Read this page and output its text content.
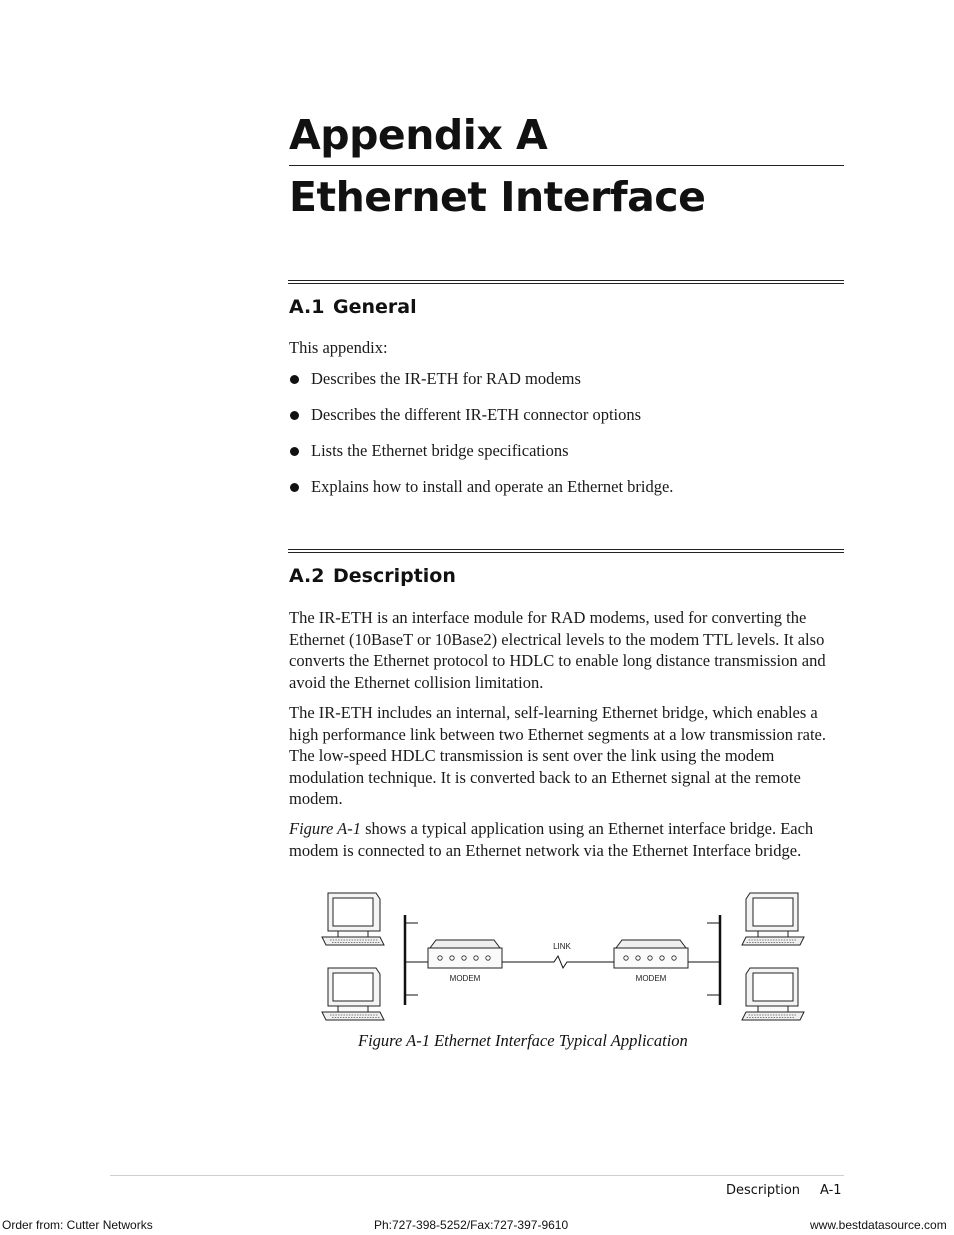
Appendix A
Ethernet Interface
A.1 General

This appendix:

Describes the IR-ETH for RAD modems
Describes the different IR-ETH connector options
Lists the Ethernet bridge specifications
Explains how to install and operate an Ethernet bridge.
A.2 Description

The IR-ETH is an interface module for RAD modems, used for converting the Ethernet (10BaseT or 10Base2) electrical levels to the modem TTL levels. It also converts the Ethernet protocol to HDLC to enable long distance transmission and avoid the Ethernet collision limitation.

The IR-ETH includes an internal, self-learning Ethernet bridge, which enables a high performance link between two Ethernet segments at a low transmission rate. The low-speed HDLC transmission is sent over the link using the modem modulation technique. It is converted back to an Ethernet signal at the remote modem.

Figure A-1 shows a typical application using an Ethernet interface bridge. Each modem is connected to an Ethernet network via the Ethernet Interface bridge.

LINK
MODEM	MODEM

Figure A-1 Ethernet Interface Typical Application

Description A-1
Order from: Cutter Networks	Ph:727-398-5252/Fax:727-397-9610	www.bestdatasource.com
